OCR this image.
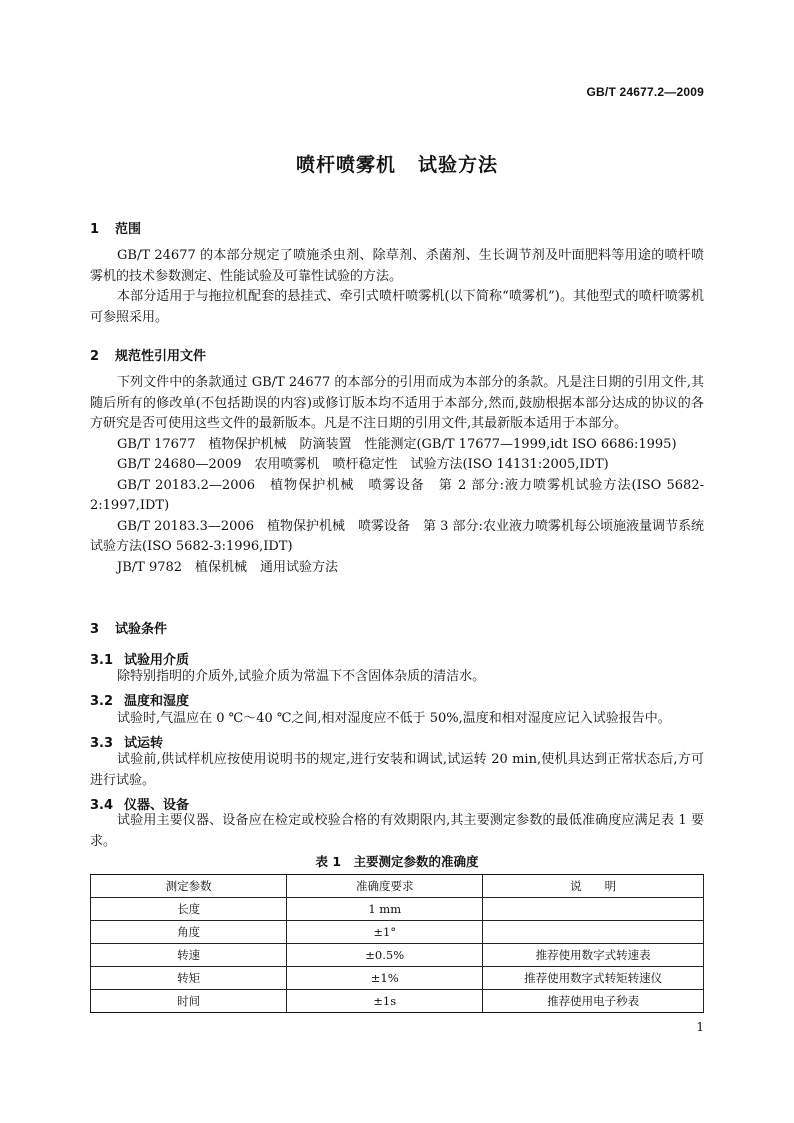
GB/T 24677.2—2009
喷杆喷雾机 试验方法
1 范围

GB/T 24677 的本部分规定了喷施杀虫剂、除草剂、杀菌剂、生长调节剂及叶面肥料等用途的喷杆喷雾机的技术参数测定、性能试验及可靠性试验的方法。

本部分适用于与拖拉机配套的悬挂式、牵引式喷杆喷雾机(以下简称“喷雾机”)。其他型式的喷杆喷雾机可参照采用。

2 规范性引用文件

下列文件中的条款通过 GB/T 24677 的本部分的引用而成为本部分的条款。凡是注日期的引用文件,其随后所有的修改单(不包括勘误的内容)或修订版本均不适用于本部分,然而,鼓励根据本部分达成的协议的各方研究是否可使用这些文件的最新版本。凡是不注日期的引用文件,其最新版本适用于本部分。

GB/T 17677　植物保护机械　防滴装置　性能测定(GB/T 17677—1999,idt ISO 6686:1995)

GB/T 24680—2009　农用喷雾机　喷杆稳定性　试验方法(ISO 14131:2005,IDT)

GB/T 20183.2—2006　植物保护机械　喷雾设备　第 2 部分:液力喷雾机试验方法(ISO 5682-2:1997,IDT)

GB/T 20183.3—2006　植物保护机械　喷雾设备　第 3 部分:农业液力喷雾机每公顷施液量调节系统试验方法(ISO 5682-3:1996,IDT)

JB/T 9782　植保机械　通用试验方法

3 试验条件
3.1 试验用介质

除特别指明的介质外,试验介质为常温下不含固体杂质的清洁水。

3.2 温度和湿度

试验时,气温应在 0 ℃～40 ℃之间,相对湿度应不低于 50%,温度和相对湿度应记入试验报告中。

3.3 试运转

试验前,供试样机应按使用说明书的规定,进行安装和调试,试运转 20 min,使机具达到正常状态后,方可进行试验。

3.4 仪器、设备

试验用主要仪器、设备应在检定或校验合格的有效期限内,其主要测定参数的最低准确度应满足表 1 要求。

表 1　主要测定参数的准确度
测定参数	准确度要求	说　　明
长度	1 mm	
角度	±1°	
转速	±0.5%	推荐使用数字式转速表
转矩	±1%	推荐使用数字式转矩转速仪
时间	±1s	推荐使用电子秒表
1
